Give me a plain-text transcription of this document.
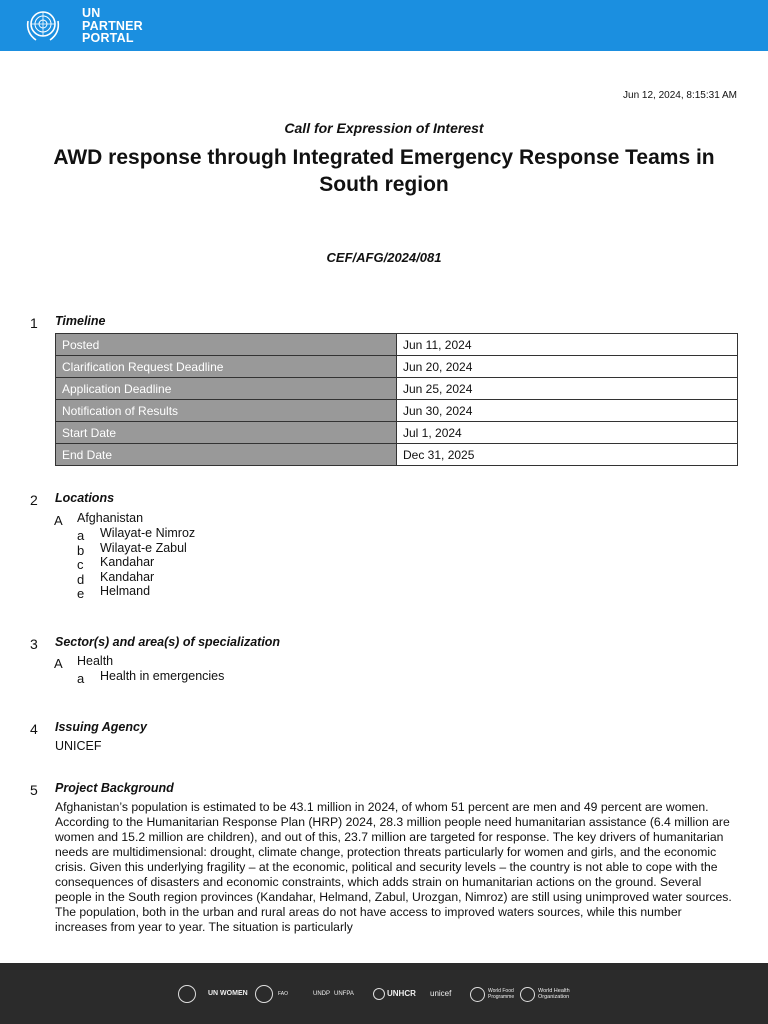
UN
PARTNER
PORTAL
Jun 12, 2024, 8:15:31 AM
Call for Expression of Interest
AWD response through Integrated Emergency Response Teams in South region
CEF/AFG/2024/081
1 Timeline
Posted	Jun 11, 2024
Clarification Request Deadline	Jun 20, 2024
Application Deadline	Jun 25, 2024
Notification of Results	Jun 30, 2024
Start Date	Jul 1, 2024
End Date	Dec 31, 2025
2 Locations
A Afghanistan
a Wilayat-e Nimroz
b Wilayat-e Zabul
c Kandahar
d Kandahar
e Helmand
3 Sector(s) and area(s) of specialization
A Health
a Health in emergencies
4 Issuing Agency
UNICEF
5 Project Background
Afghanistan’s population is estimated to be 43.1 million in 2024, of whom 51 percent are men and 49 percent are women. According to the Humanitarian Response Plan (HRP) 2024, 28.3 million people need humanitarian assistance (6.4 million are women and 15.2 million are children), and out of this, 23.7 million are targeted for response. The key drivers of humanitarian needs are multidimensional: drought, climate change, protection threats particularly for women and girls, and the economic crisis. Given this underlying fragility – at the economic, political and security levels – the country is not able to cope with the consequences of disasters and economic constraints, which adds strain on humanitarian actions on the ground. Several people in the South region provinces (Kandahar, Helmand, Zabul, Urozgan, Nimroz) are still using unimproved water sources. The population, both in the urban and rural areas do not have access to improved waters sources, while this number increases from year to year. The situation is particularly
UN WOMEN	FAO	UNDP UNFPA	UNHCR	unicef	World Food Programme
World Health Organization
